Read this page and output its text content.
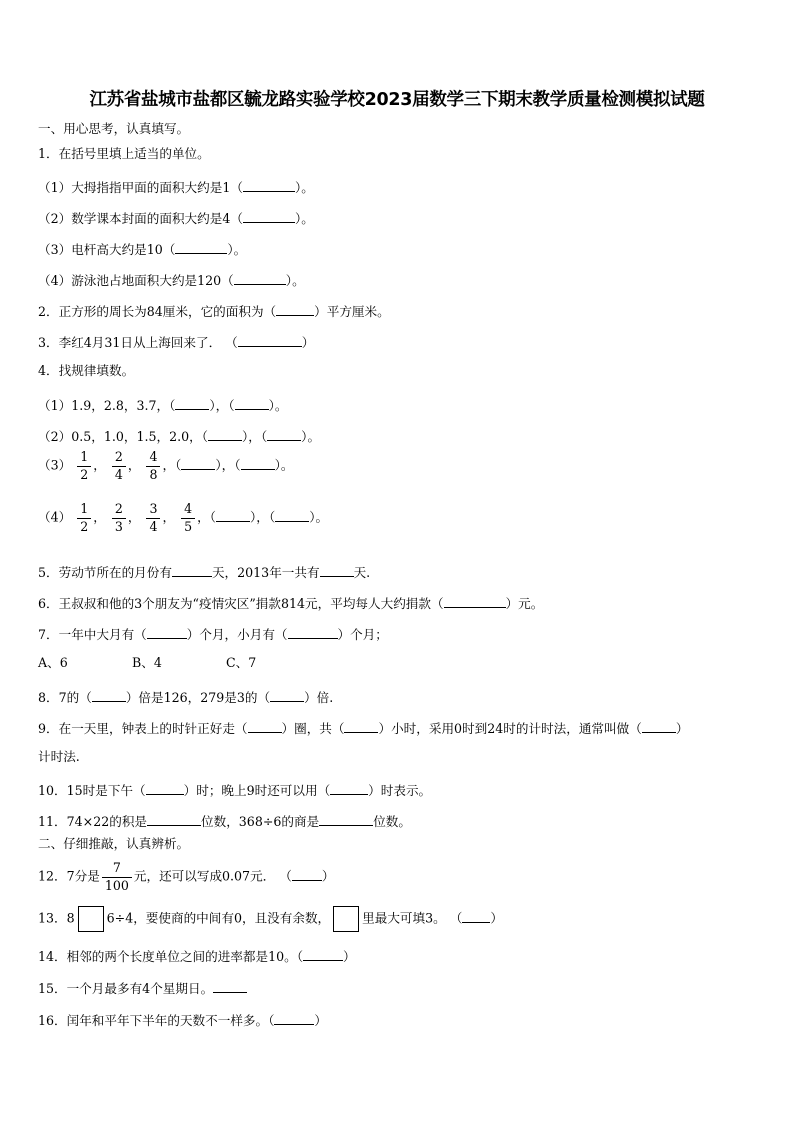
江苏省盐城市盐都区毓龙路实验学校2023届数学三下期末教学质量检测模拟试题
一、用心思考，认真填写。
1．在括号里填上适当的单位。
（1）大拇指指甲面的面积大约是1（	）。
（2）数学课本封面的面积大约是4（	）。
（3）电杆高大约是10（	）。
（4）游泳池占地面积大约是120（	）。
2．正方形的周长为84厘米，它的面积为（	）平方厘米。
3．李红4月31日从上海回来了． （	）
4．找规律填数。
（1）1.9，2.8，3.7，（	），（	）。
（2）0.5，1.0，1.5，2.0，（	），（	）。
$(3) \frac{1}{2}$ ， $\frac{2}{4}$ ， $\frac{4}{8}$ ，（	），（	）。
$(4) \frac{1}{2}$ ， $\frac{2}{3}$ ， $\frac{3}{4}$ ， $\frac{4}{5}$ ，（	），（	）。
5．劳动节所在的月份有	天，2013年一共有	天.
6．王叔叔和他的3个朋友为“疫情灾区”捐款814元，平均每人大约捐款（	）元。
7．一年中大月有（	）个月，小月有（	）个月；
A、6	B、4	C、7
8．7的（	）倍是126，279是3的（	）倍.
9．在一天里，钟表上的时针正好走（	）圈，共（	）小时，采用0时到24时的计时法，通常叫做（	）
计时法.
10．15时是下午（	）时；晚上9时还可以用（	）时表示。
11．74×22的积是	位数，368÷6的商是	位数。
二、仔细推敲，认真辨析。
12．7分是 $\frac{7}{100}$ 元，还可以写成0.07元． （ ）
13．8	6÷4，要使商的中间有0，且没有余数，	里最大可填3。 （ ）
14．相邻的两个长度单位之间的进率都是10。（	）
15．一个月最多有4个星期日。
16．闰年和平年下半年的天数不一样多。（	）
